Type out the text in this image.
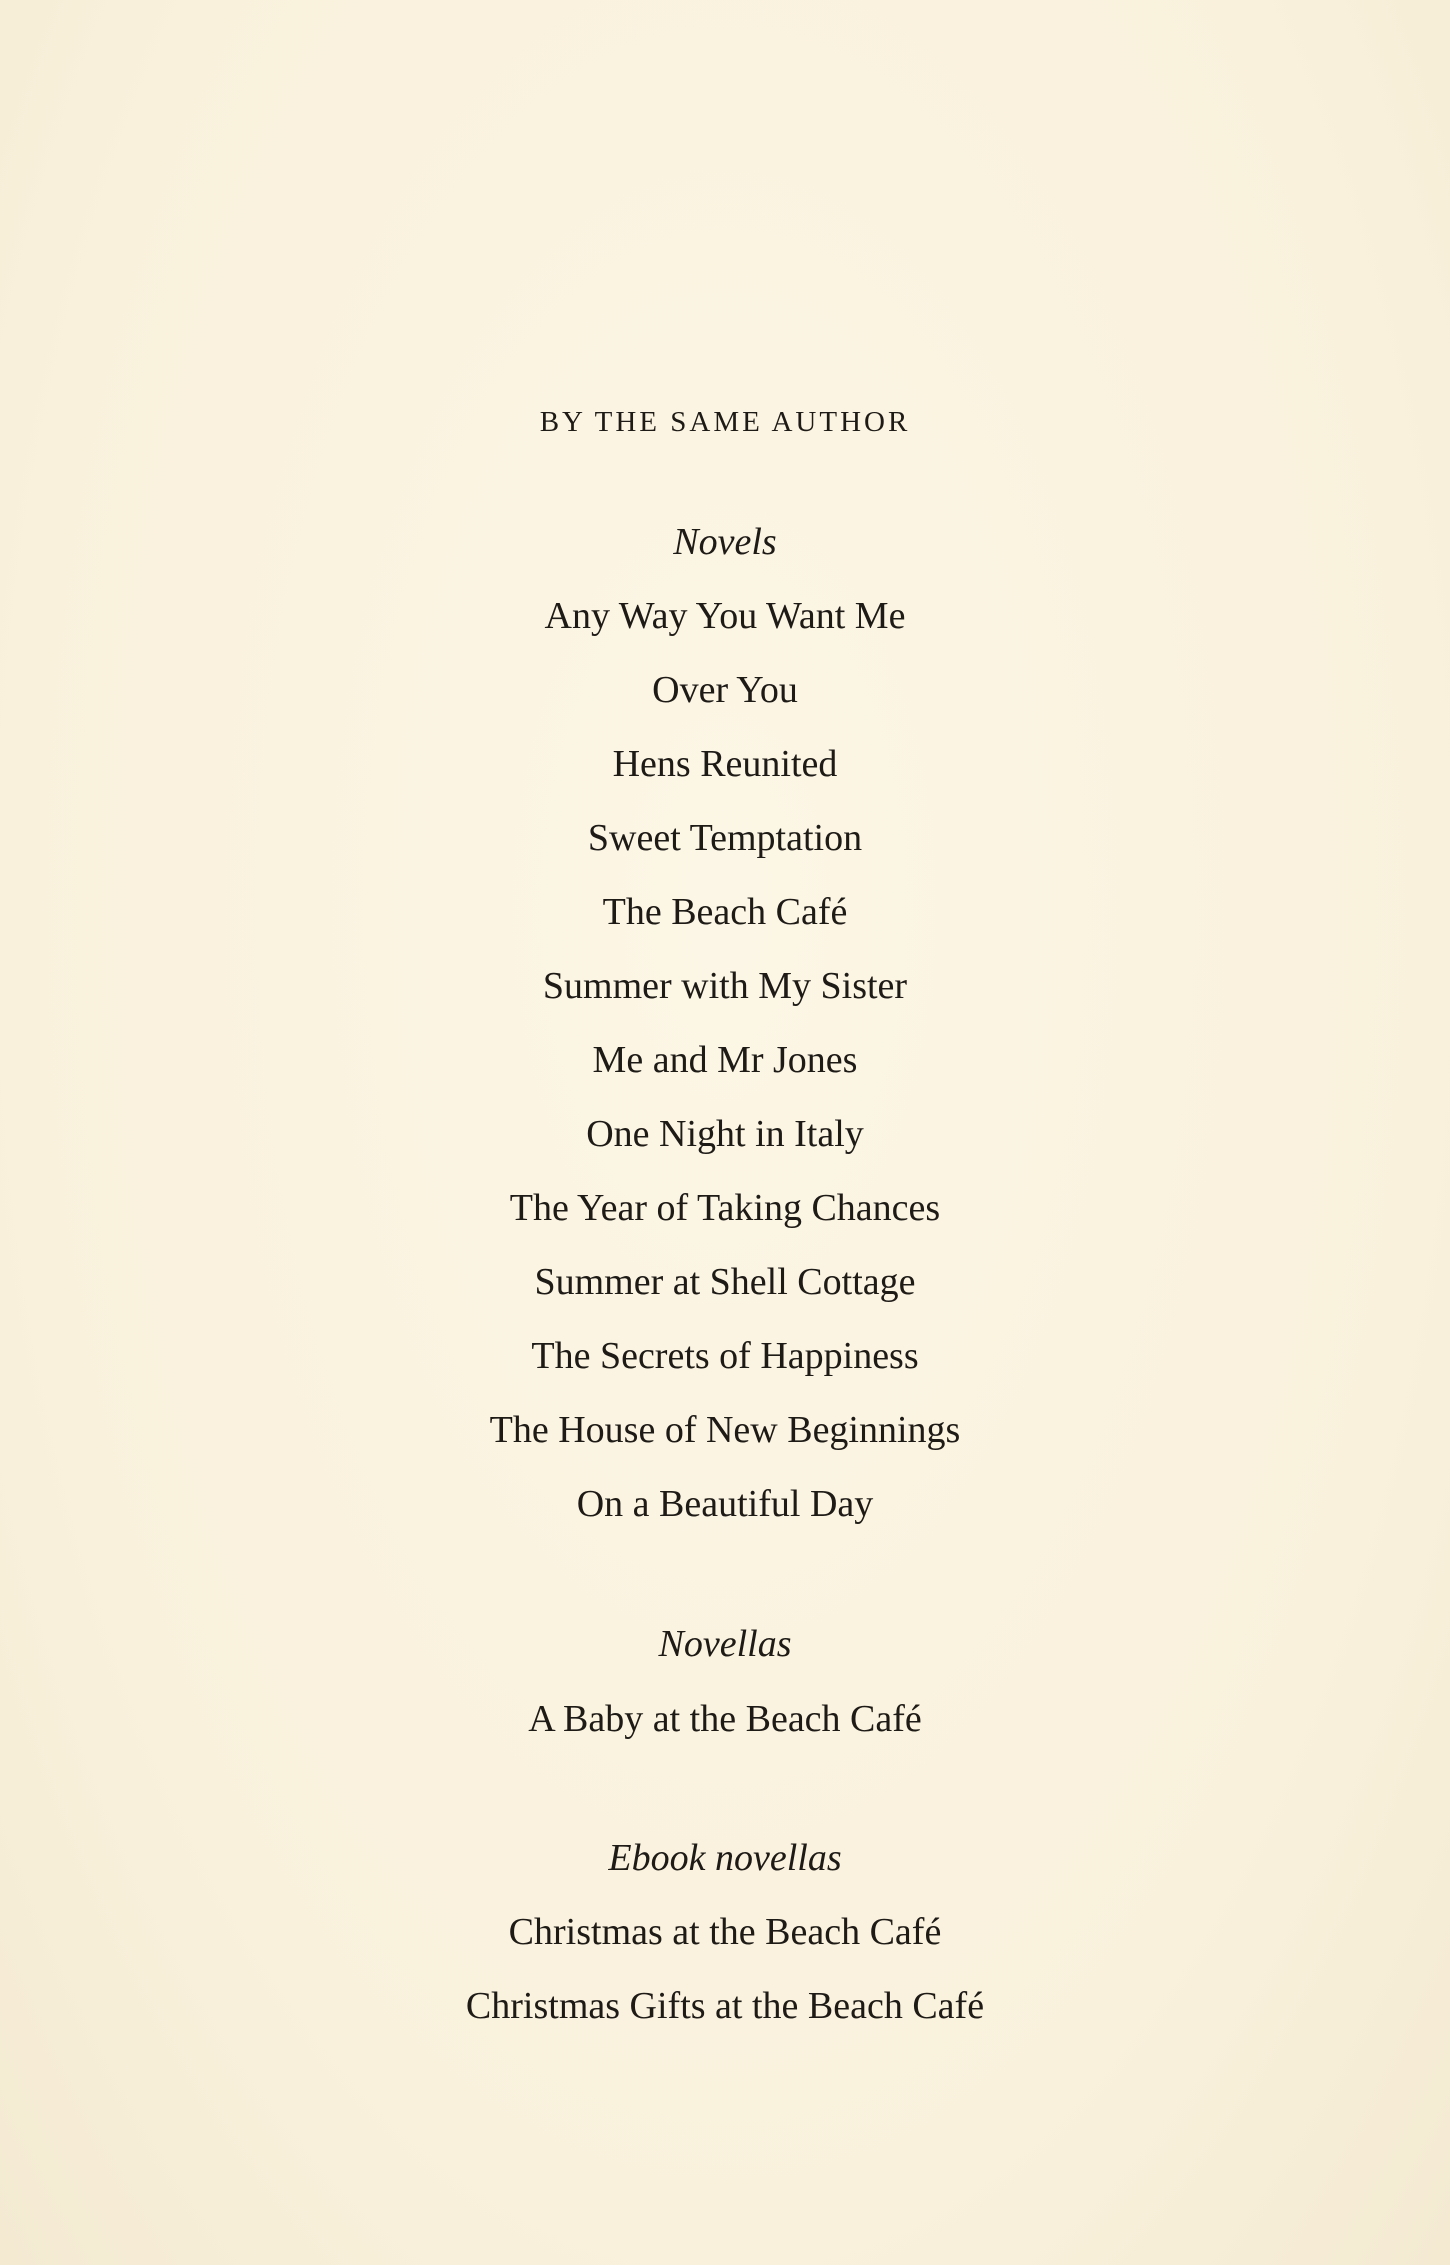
BY THE SAME AUTHOR
Novels
Any Way You Want Me
Over You
Hens Reunited
Sweet Temptation
The Beach Café
Summer with My Sister
Me and Mr Jones
One Night in Italy
The Year of Taking Chances
Summer at Shell Cottage
The Secrets of Happiness
The House of New Beginnings
On a Beautiful Day
Novellas
A Baby at the Beach Café
Ebook novellas
Christmas at the Beach Café
Christmas Gifts at the Beach Café
